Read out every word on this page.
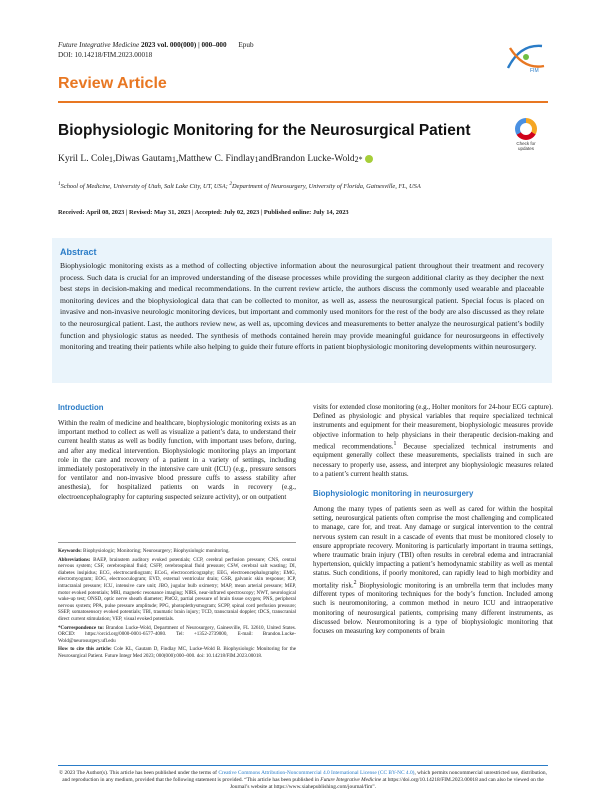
Future Integrative Medicine 2023 vol. 000(000) | 000–000 Epub
DOI: 10.14218/FIM.2023.00018
FIM
Review Article
Biophysiologic Monitoring for the Neurosurgical Patient
Check for
updates
Kyril L. Cole 1 , Diwas Gautam 1 , Matthew C. Findlay 1 and Brandon Lucke-Wold 2*
$^1$School of Medicine, University of Utah, Salt Lake City, UT, USA; $^2$Department of Neurosurgery, University of Florida, Gainesville, FL, USA
Received: April 08, 2023 | Revised: May 31, 2023 | Accepted: July 02, 2023 | Published online: July 14, 2023
Abstract

Biophysiologic monitoring exists as a method of collecting objective information about the neurosurgical patient throughout their treatment and recovery process. Such data is crucial for an improved understanding of the disease processes while providing the surgeon additional clarity as they decipher the next best steps in decision-making and medical recommendations. In the current review article, the authors discuss the commonly used wearable and placeable monitoring devices and the biophysiological data that can be collected to monitor, as well as, assess the neurosurgical patient. Special focus is placed on invasive and non-invasive neurologic monitoring devices, but important and commonly used monitors for the rest of the body are also discussed as they relate to the neurosurgical patient. Last, the authors review new, as well as, upcoming devices and measurements to better analyze the neurosurgical patient’s bodily function and physiologic status as needed. The synthesis of methods contained herein may provide meaningful guidance for neurosurgeons in effectively monitoring and treating their patients while also helping to guide their future efforts in patient biophysiologic monitoring developments within neurosurgery.

Introduction

Within the realm of medicine and healthcare, biophysiologic monitoring exists as an important method to collect as well as visualize a patient’s data, to understand their current health status as well as bodily function, with important uses before, during, and after any medical intervention. Biophysiologic monitoring plays an important role in the care and recovery of a patient in a variety of settings, including immediately postoperatively in the intensive care unit (ICU) (e.g., pressure sensors for ventilator and non-invasive blood pressure cuffs to assess stability after anesthesia), for hospitalized patients on wards in recovery (e.g., electroencephalography for capturing suspected seizure activity), or on outpatient

Keywords: Biophysiologic; Monitoring; Neurosurgery; Biophysiologic monitoring.

Abbreviations: BAEP, brainstem auditory evoked potentials; CCP, cerebral perfusion pressure; CNS, central nervous system; CSF, cerebrospinal fluid; CSFP, cerebrospinal fluid pressure; CSW, cerebral salt wasting; DI, diabetes insipidus; ECG, electrocardiogram; ECoG, electrocorticography; EEG, electroencephalography; EMG, electromyogram; EOG, electrooculogram; EVD, external ventricular drain; GSR, galvanic skin response; ICP, intracranial pressure; ICU, intensive care unit; JBO, jugular bulb oximetry; MAP, mean arterial pressure; MEP, motor evoked potentials; MRI, magnetic resonance imaging; NIRS, near-infrared spectroscopy; NWT, neurological wake-up test; ONSD, optic nerve sheath diameter; PbtO2, partial pressure of brain tissue oxygen; PNS, peripheral nervous system; PPA, pulse pressure amplitude; PPG, photoplethysmogram; SCPP, spinal cord perfusion pressure; SSEP, somatosensory evoked potentials; TBI, traumatic brain injury; TCD, transcranial doppler; tDCS, transcranial direct current stimulation; VEP, visual evoked potentials.

*Correspondence to: Brandon Lucke-Wold, Department of Neurosurgery, Gainesville, FL 32610, United States. ORCID: https://orcid.org/0000-0001-6577-4080. Tel: +1352-2739000, E-mail: Brandon.Lucke-Wold@neurosurgery.ufl.edu

How to cite this article: Cole KL, Gautam D, Findlay MC, Lucke-Wold B. Biophysiologic Monitoring for the Neurosurgical Patient. Future Integr Med 2023; 000(000):000–000. doi: 10.14218/FIM.2023.00018.

visits for extended close monitoring (e.g., Holter monitors for 24-hour ECG capture). Defined as physiologic and physical variables that require specialized technical instruments and equipment for their measurement, biophysiologic measures provide objective information to help physicians in their therapeutic decision-making and medical recommendations.$^1$ Because specialized technical instruments and equipment generally collect these measurements, specialists trained in such are necessary to properly use, assess, and interpret any biophysiologic measures related to a patient’s current health status.

Biophysiologic monitoring in neurosurgery

Among the many types of patients seen as well as cared for within the hospital setting, neurosurgical patients often comprise the most challenging and complicated to manage, care for, and treat. Any damage or surgical intervention to the central nervous system can result in a cascade of events that must be monitored closely to ensure appropriate recovery. Monitoring is particularly important in trauma settings, where traumatic brain injury (TBI) often results in cerebral edema and intracranial hypertension, quickly impacting a patient’s hemodynamic stability as well as mental status. Such conditions, if poorly monitored, can rapidly lead to high morbidity and mortality risk.$^2$ Biophysiologic monitoring is an umbrella term that includes many different types of monitoring techniques for the body’s function. Included among such is neuromonitoring, a common method in neuro ICU and intraoperative monitoring of neurosurgical patients, comprising many different instruments, as discussed below. Neuromonitoring is a type of biophysiologic monitoring that focuses on measuring key components of brain

© 2023 The Author(s). This article has been published under the terms of Creative Commons Attribution-Noncommercial 4.0 International License (CC BY-NC 4.0), which permits noncommercial unrestricted use, distribution, and reproduction in any medium, provided that the following statement is provided. “This article has been published in Future Integrative Medicine at https://doi.org/10.14218/FIM.2023.00018 and can also be viewed on the Journal’s website at https://www.xiahepublishing.com/journal/fim”.
